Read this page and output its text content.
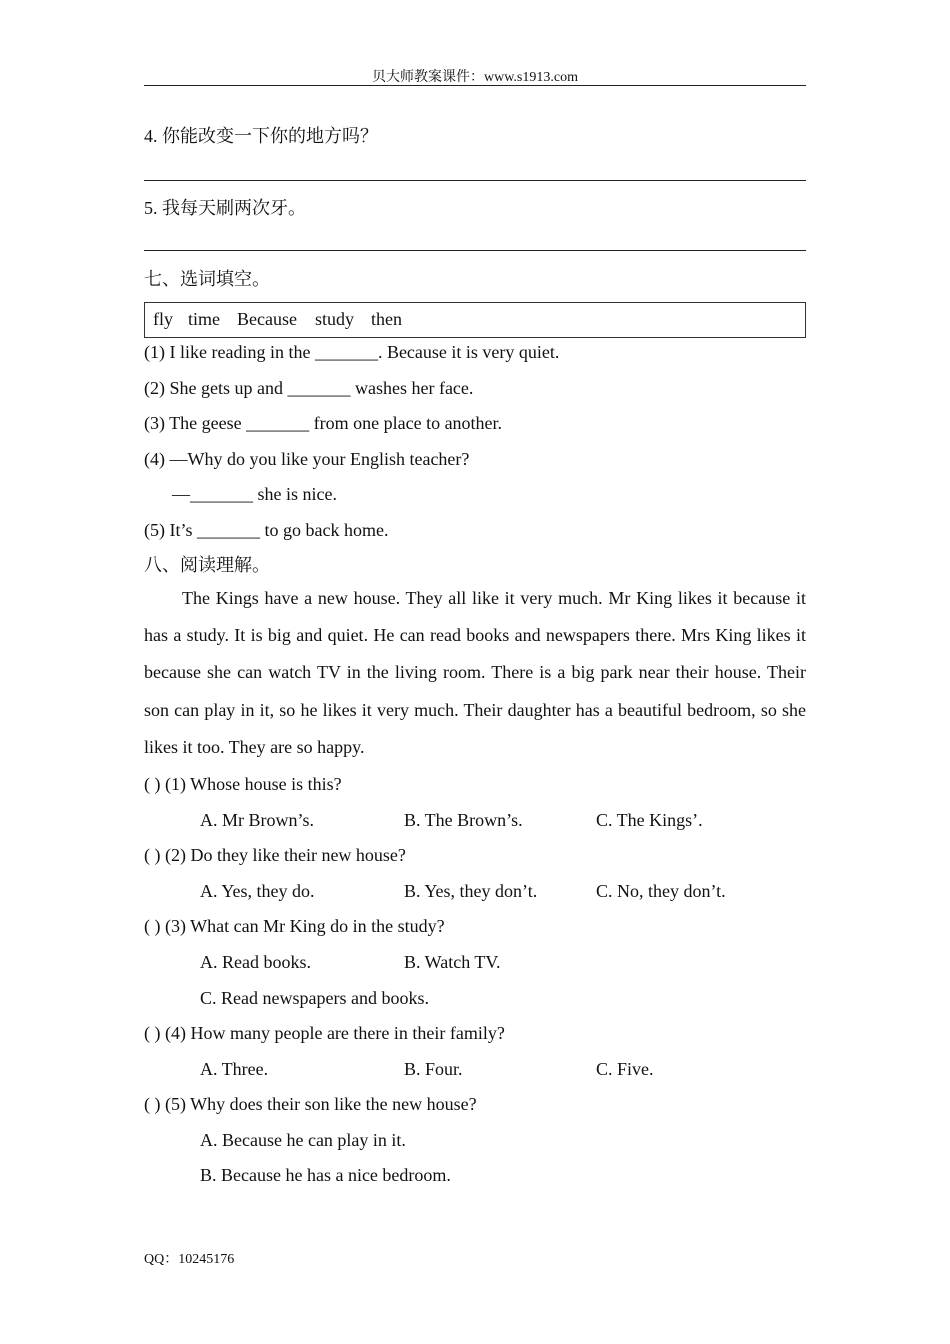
贝大师教案课件：www.s1913.com
4. 你能改变一下你的地方吗？
5. 我每天刷两次牙。
七、选词填空。
fly time Because study then
(1) I like reading in the _______. Because it is very quiet.
(2) She gets up and _______ washes her face.
(3) The geese _______ from one place to another.
(4) —Why do you like your English teacher?
—_______ she is nice.
(5) It’s _______ to go back home.
八、阅读理解。
The Kings have a new house. They all like it very much. Mr King likes it because it has a study. It is big and quiet. He can read books and newspapers there. Mrs King likes it because she can watch TV in the living room. There is a big park near their house. Their son can play in it, so he likes it very much. Their daughter has a beautiful bedroom, so she likes it too. They are so happy.
( ) (1) Whose house is this?
A. Mr Brown’s.	B. The Brown’s.	C. The Kings’.
( ) (2) Do they like their new house?
A. Yes, they do.	B. Yes, they don’t.	C. No, they don’t.
( ) (3) What can Mr King do in the study?
A. Read books.	B. Watch TV.
C. Read newspapers and books.
( ) (4) How many people are there in their family?
A. Three.	B. Four.	C. Five.
( ) (5) Why does their son like the new house?
A. Because he can play in it.
B. Because he has a nice bedroom.
QQ：10245176
